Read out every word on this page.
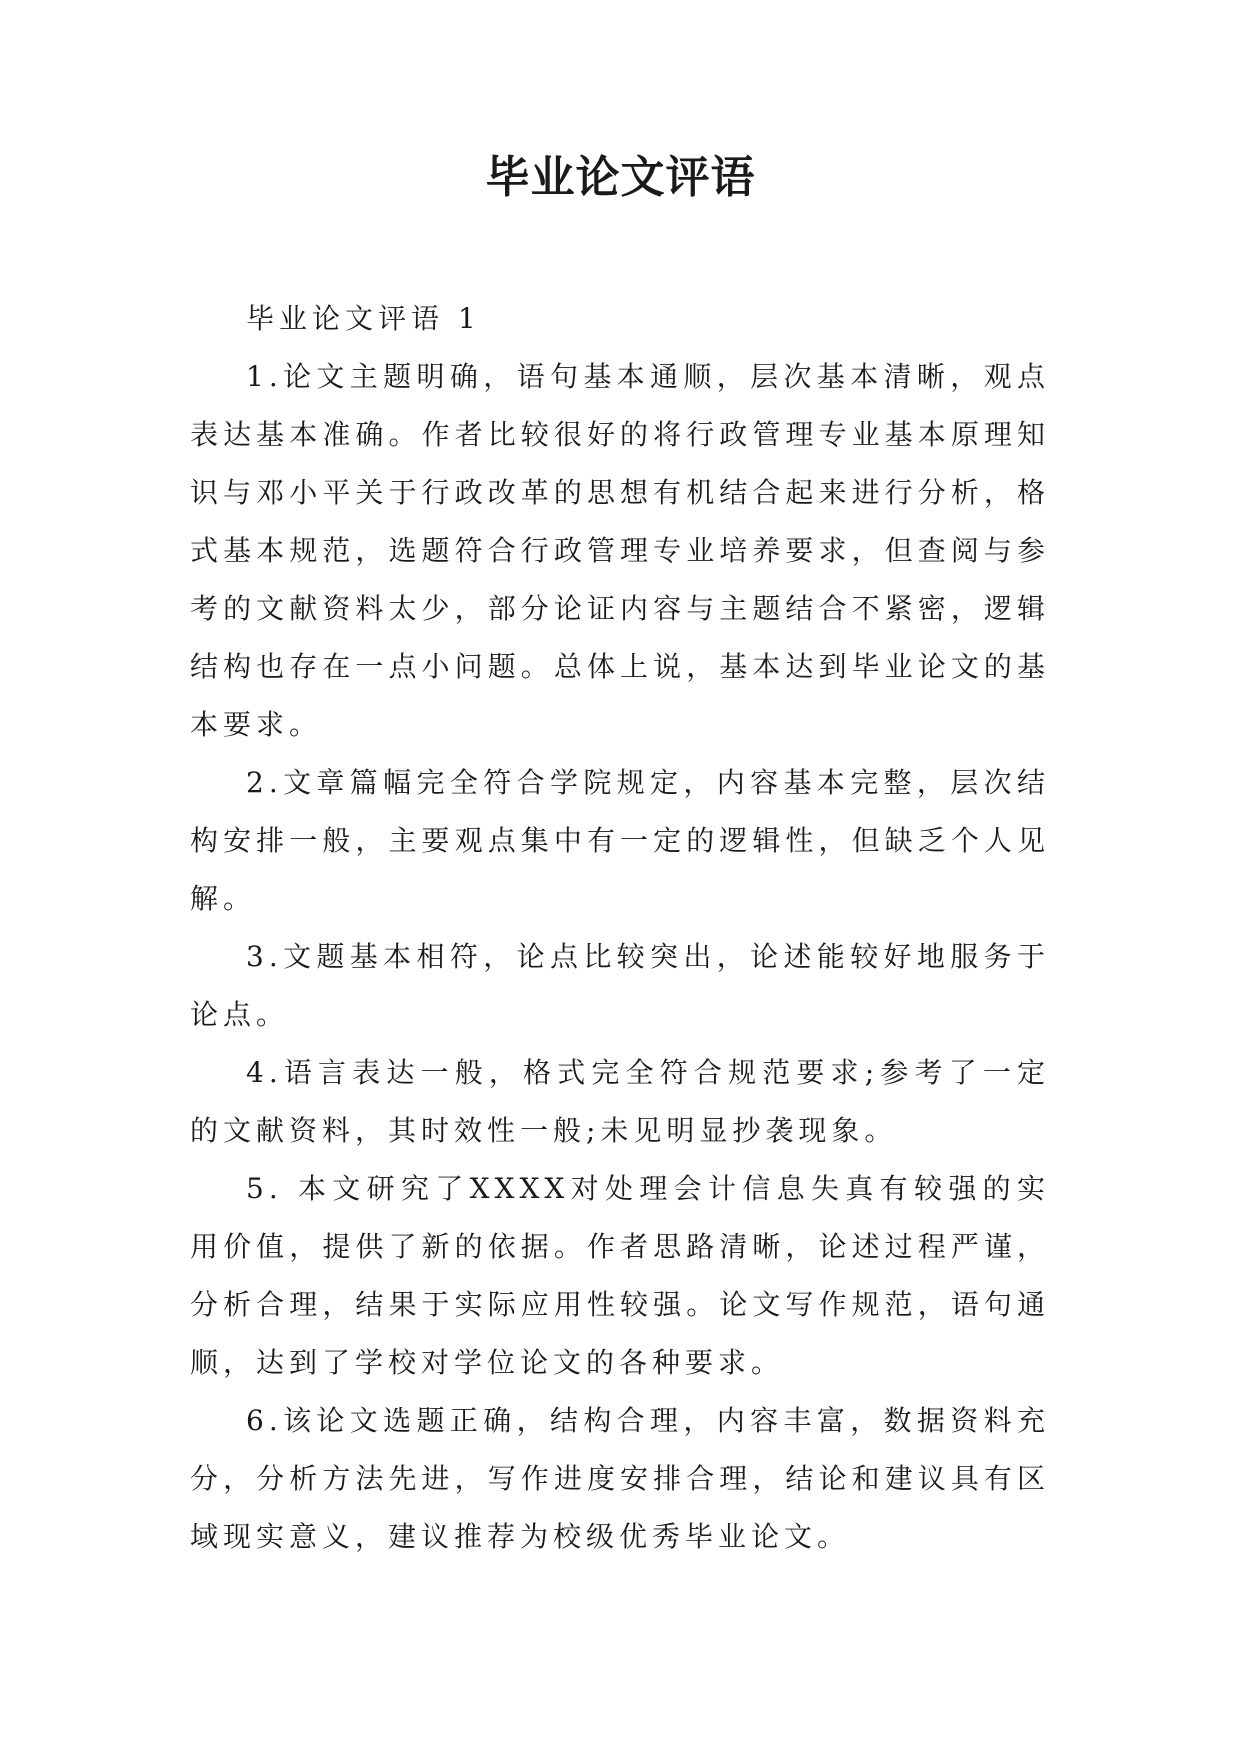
毕业论文评语

毕业论文评语 1

1.论文主题明确，语句基本通顺，层次基本清晰，观点表达基本准确。作者比较很好的将行政管理专业基本原理知识与邓小平关于行政改革的思想有机结合起来进行分析，格式基本规范，选题符合行政管理专业培养要求，但查阅与参考的文献资料太少，部分论证内容与主题结合不紧密，逻辑结构也存在一点小问题。总体上说，基本达到毕业论文的基本要求。

2.文章篇幅完全符合学院规定，内容基本完整，层次结构安排一般，主要观点集中有一定的逻辑性，但缺乏个人见解。

3.文题基本相符，论点比较突出，论述能较好地服务于论点。

4.语言表达一般，格式完全符合规范要求;参考了一定的文献资料，其时效性一般;未见明显抄袭现象。

5. 本文研究了XXXX对处理会计信息失真有较强的实用价值，提供了新的依据。作者思路清晰，论述过程严谨，分析合理，结果于实际应用性较强。论文写作规范，语句通顺，达到了学校对学位论文的各种要求。

6.该论文选题正确，结构合理，内容丰富，数据资料充分，分析方法先进，写作进度安排合理，结论和建议具有区域现实意义，建议推荐为校级优秀毕业论文。
